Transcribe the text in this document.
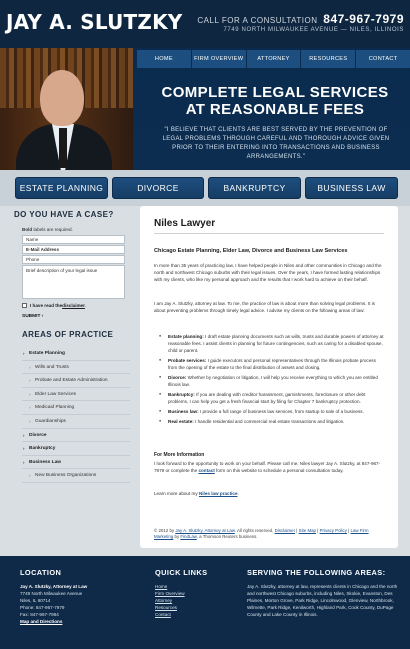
JAY A. SLUTZKY CALL FOR A CONSULTATION 847-967-7979
7749 NORTH MILWAUKEE AVENUE — NILES, ILLINOIS
HOME	FIRM OVERVIEW	ATTORNEY	RESOURCES	CONTACT
COMPLETE LEGAL SERVICES
AT REASONABLE FEES
"I BELIEVE THAT CLIENTS ARE BEST SERVED BY THE PREVENTION OF LEGAL PROBLEMS THROUGH CAREFUL AND THOROUGH ADVICE GIVEN PRIOR TO THEIR ENTERING INTO TRANSACTIONS AND BUSINESS ARRANGEMENTS."
ESTATE PLANNING	DIVORCE	BANKRUPTCY	BUSINESS LAW
DO YOU HAVE A CASE?
Bold labels are required.
Name
E-Mail Address
Phone
Brief description of your legal issue
I have read the disclaimer .
SUBMIT ›
AREAS OF PRACTICE
› Estate Planning
› Wills and Trusts
› Probate and Estate Administration
› Elder Law Services
› Medicaid Planning
› Guardianships
› Divorce
› Bankruptcy
› Business Law
› New Business Organizations
Niles Lawyer
Chicago Estate Planning, Elder Law, Divorce and Business Law Services
In more than 35 years of practicing law, I have helped people in Niles and other communities in Chicago and the north and northwest Chicago suburbs with their legal issues. Over the years, I have formed lasting relationships with my clients, who like my personal approach and the results that I work hard to achieve on their behalf.
I am Jay A. Slutzky, attorney at law. To me, the practice of law is about more than solving legal problems. It is about preventing problems through timely legal advice. I advise my clients on the following areas of law:
● Estate planning: I draft estate planning documents such as wills, trusts and durable powers of attorney at reasonable fees. I assist clients in planning for future contingencies, such as caring for a disabled spouse, child or parent.
● Probate services: I guide executors and personal representatives through the Illinois probate process from the opening of the estate to the final distribution of assets and closing.
● Divorce: Whether by negotiation or litigation, I will help you receive everything to which you are entitled Illinois law.
● Bankruptcy: If you are dealing with creditor harassment, garnishments, foreclosure or other debt problems, I can help you get a fresh financial start by filing for Chapter 7 bankruptcy protection.
● Business law: I provide a full range of business law services, from startup to sale of a business.
● Real estate: I handle residential and commercial real estate transactions and litigation.
For More Information
I look forward to the opportunity to work on your behalf. Please call me, Niles lawyer Jay A. Slutzky, at 847-967-7979 or complete the contact form on this website to schedule a personal consultation today.
Learn more about my Niles law practice.
© 2012 by Jay A. Slutzky, Attorney at Law. All rights reserved. Disclaimer | Site Map | Privacy Policy | Law Firm Marketing by FindLaw, a Thomson Reuters business.
LOCATION
Jay A. Slutzky, Attorney at Law
7749 North Milwaukee Avenue
Niles, IL 60714
Phone: 847-967-7979
Fax: 847-967-7984
Map and Directions
QUICK LINKS
Home
Firm Overview
Attorney
Resources
Contact
SERVING THE FOLLOWING AREAS:
Jay A. Slutzky, attorney at law, represents clients in Chicago and the north and northwest Chicago suburbs, including Niles, Skokie, Evanston, Des Plaines, Morton Grove, Park Ridge, Lincolnwood, Glenview, Northbrook, Wilmette, Park Ridge, Kenilworth, Highland Park, Cook County, DuPage County and Lake County in Illinois.
